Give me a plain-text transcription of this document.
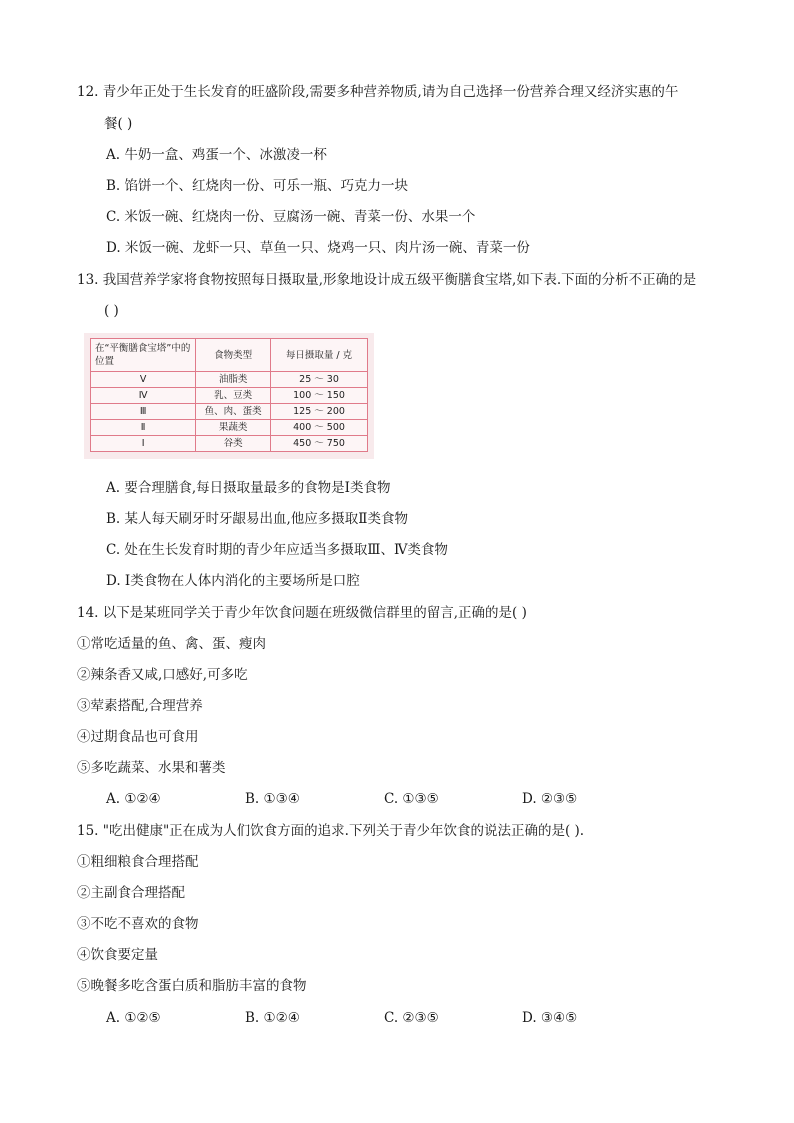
12. 青少年正处于生长发育的旺盛阶段,需要多种营养物质,请为自己选择一份营养合理又经济实惠的午
餐( )
A. 牛奶一盒、鸡蛋一个、冰激凌一杯
B. 馅饼一个、红烧肉一份、可乐一瓶、巧克力一块
C. 米饭一碗、红烧肉一份、豆腐汤一碗、青菜一份、水果一个
D. 米饭一碗、龙虾一只、草鱼一只、烧鸡一只、肉片汤一碗、青菜一份
13. 我国营养学家将食物按照每日摄取量,形象地设计成五级平衡膳食宝塔,如下表.下面的分析不正确的是
( )
在“平衡膳食宝塔”中的位置	食物类型	每日摄取量 / 克
Ⅴ	油脂类	25 ～ 30
Ⅳ	乳、豆类	100 ～ 150
Ⅲ	鱼、肉、蛋类	125 ～ 200
Ⅱ	果蔬类	400 ～ 500
Ⅰ	谷类	450 ～ 750
A. 要合理膳食,每日摄取量最多的食物是Ⅰ类食物
B. 某人每天刷牙时牙龈易出血,他应多摄取Ⅱ类食物
C. 处在生长发育时期的青少年应适当多摄取Ⅲ、Ⅳ类食物
D. Ⅰ类食物在人体内消化的主要场所是口腔
14. 以下是某班同学关于青少年饮食问题在班级微信群里的留言,正确的是( )
①常吃适量的鱼、禽、蛋、瘦肉
②辣条香又咸,口感好,可多吃
③荤素搭配,合理营养
④过期食品也可食用
⑤多吃蔬菜、水果和薯类
A. ①②④	B. ①③④	C. ①③⑤	D. ②③⑤
15. "吃出健康"正在成为人们饮食方面的追求.下列关于青少年饮食的说法正确的是( ).
①粗细粮食合理搭配
②主副食合理搭配
③不吃不喜欢的食物
④饮食要定量
⑤晚餐多吃含蛋白质和脂肪丰富的食物
A. ①②⑤	B. ①②④	C. ②③⑤	D. ③④⑤
